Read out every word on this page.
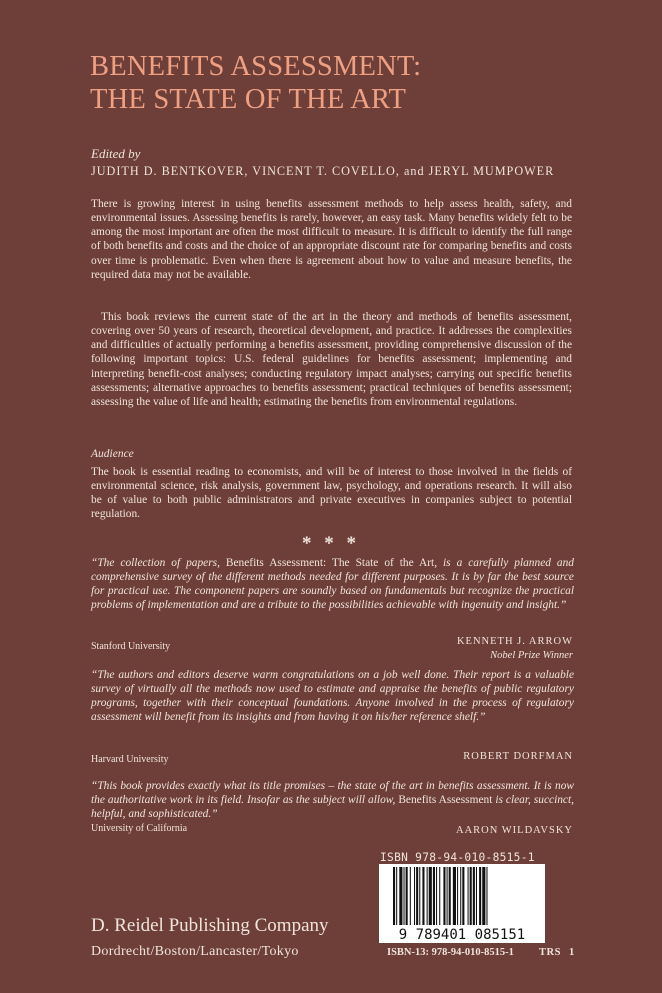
BENEFITS ASSESSMENT:
THE STATE OF THE ART
Edited by
JUDITH D. BENTKOVER, VINCENT T. COVELLO, and JERYL MUMPOWER

There is growing interest in using benefits assessment methods to help assess health, safety, and environmental issues. Assessing benefits is rarely, however, an easy task. Many benefits widely felt to be among the most important are often the most difficult to measure. It is difficult to identify the full range of both benefits and costs and the choice of an appropriate discount rate for comparing benefits and costs over time is problematic. Even when there is agreement about how to value and measure benefits, the required data may not be available.

This book reviews the current state of the art in the theory and methods of benefits assessment, covering over 50 years of research, theoretical development, and practice. It addresses the complexities and difficulties of actually performing a benefits assessment, providing comprehensive discussion of the following important topics: U.S. federal guidelines for benefits assessment; implementing and interpreting benefit-cost analyses; conducting regulatory impact analyses; carrying out specific benefits assessments; alternative approaches to benefits assessment; practical techniques of benefits assessment; assessing the value of life and health; estimating the benefits from environmental regulations.

Audience

The book is essential reading to economists, and will be of interest to those involved in the fields of environmental science, risk analysis, government law, psychology, and operations research. It will also be of value to both public administrators and private executives in companies subject to potential regulation.

* * *

“The collection of papers, Benefits Assessment: The State of the Art, is a carefully planned and comprehensive survey of the different methods needed for different purposes. It is by far the best source for practical use. The component papers are soundly based on fundamentals but recognize the practical problems of implementation and are a tribute to the possibilities achievable with ingenuity and insight.”

Stanford University	KENNETH J. ARROW
Nobel Prize Winner

“The authors and editors deserve warm congratulations on a job well done. Their report is a valuable survey of virtually all the methods now used to estimate and appraise the benefits of public regulatory programs, together with their conceptual foundations. Anyone involved in the process of regulatory assessment will benefit from its insights and from having it on his/her reference shelf.”

Harvard University	ROBERT DORFMAN

“This book provides exactly what its title promises – the state of the art in benefits assessment. It is now the authoritative work in its field. Insofar as the subject will allow, Benefits Assessment is clear, succinct, helpful, and sophisticated.”

University of California	AARON WILDAVSKY
ISBN 978-94-010-8515-1
9 789401 085151
D. Reidel Publishing Company
Dordrecht/Boston/Lancaster/Tokyo	ISBN-13: 978-94-010-8515-1 TRS 1
